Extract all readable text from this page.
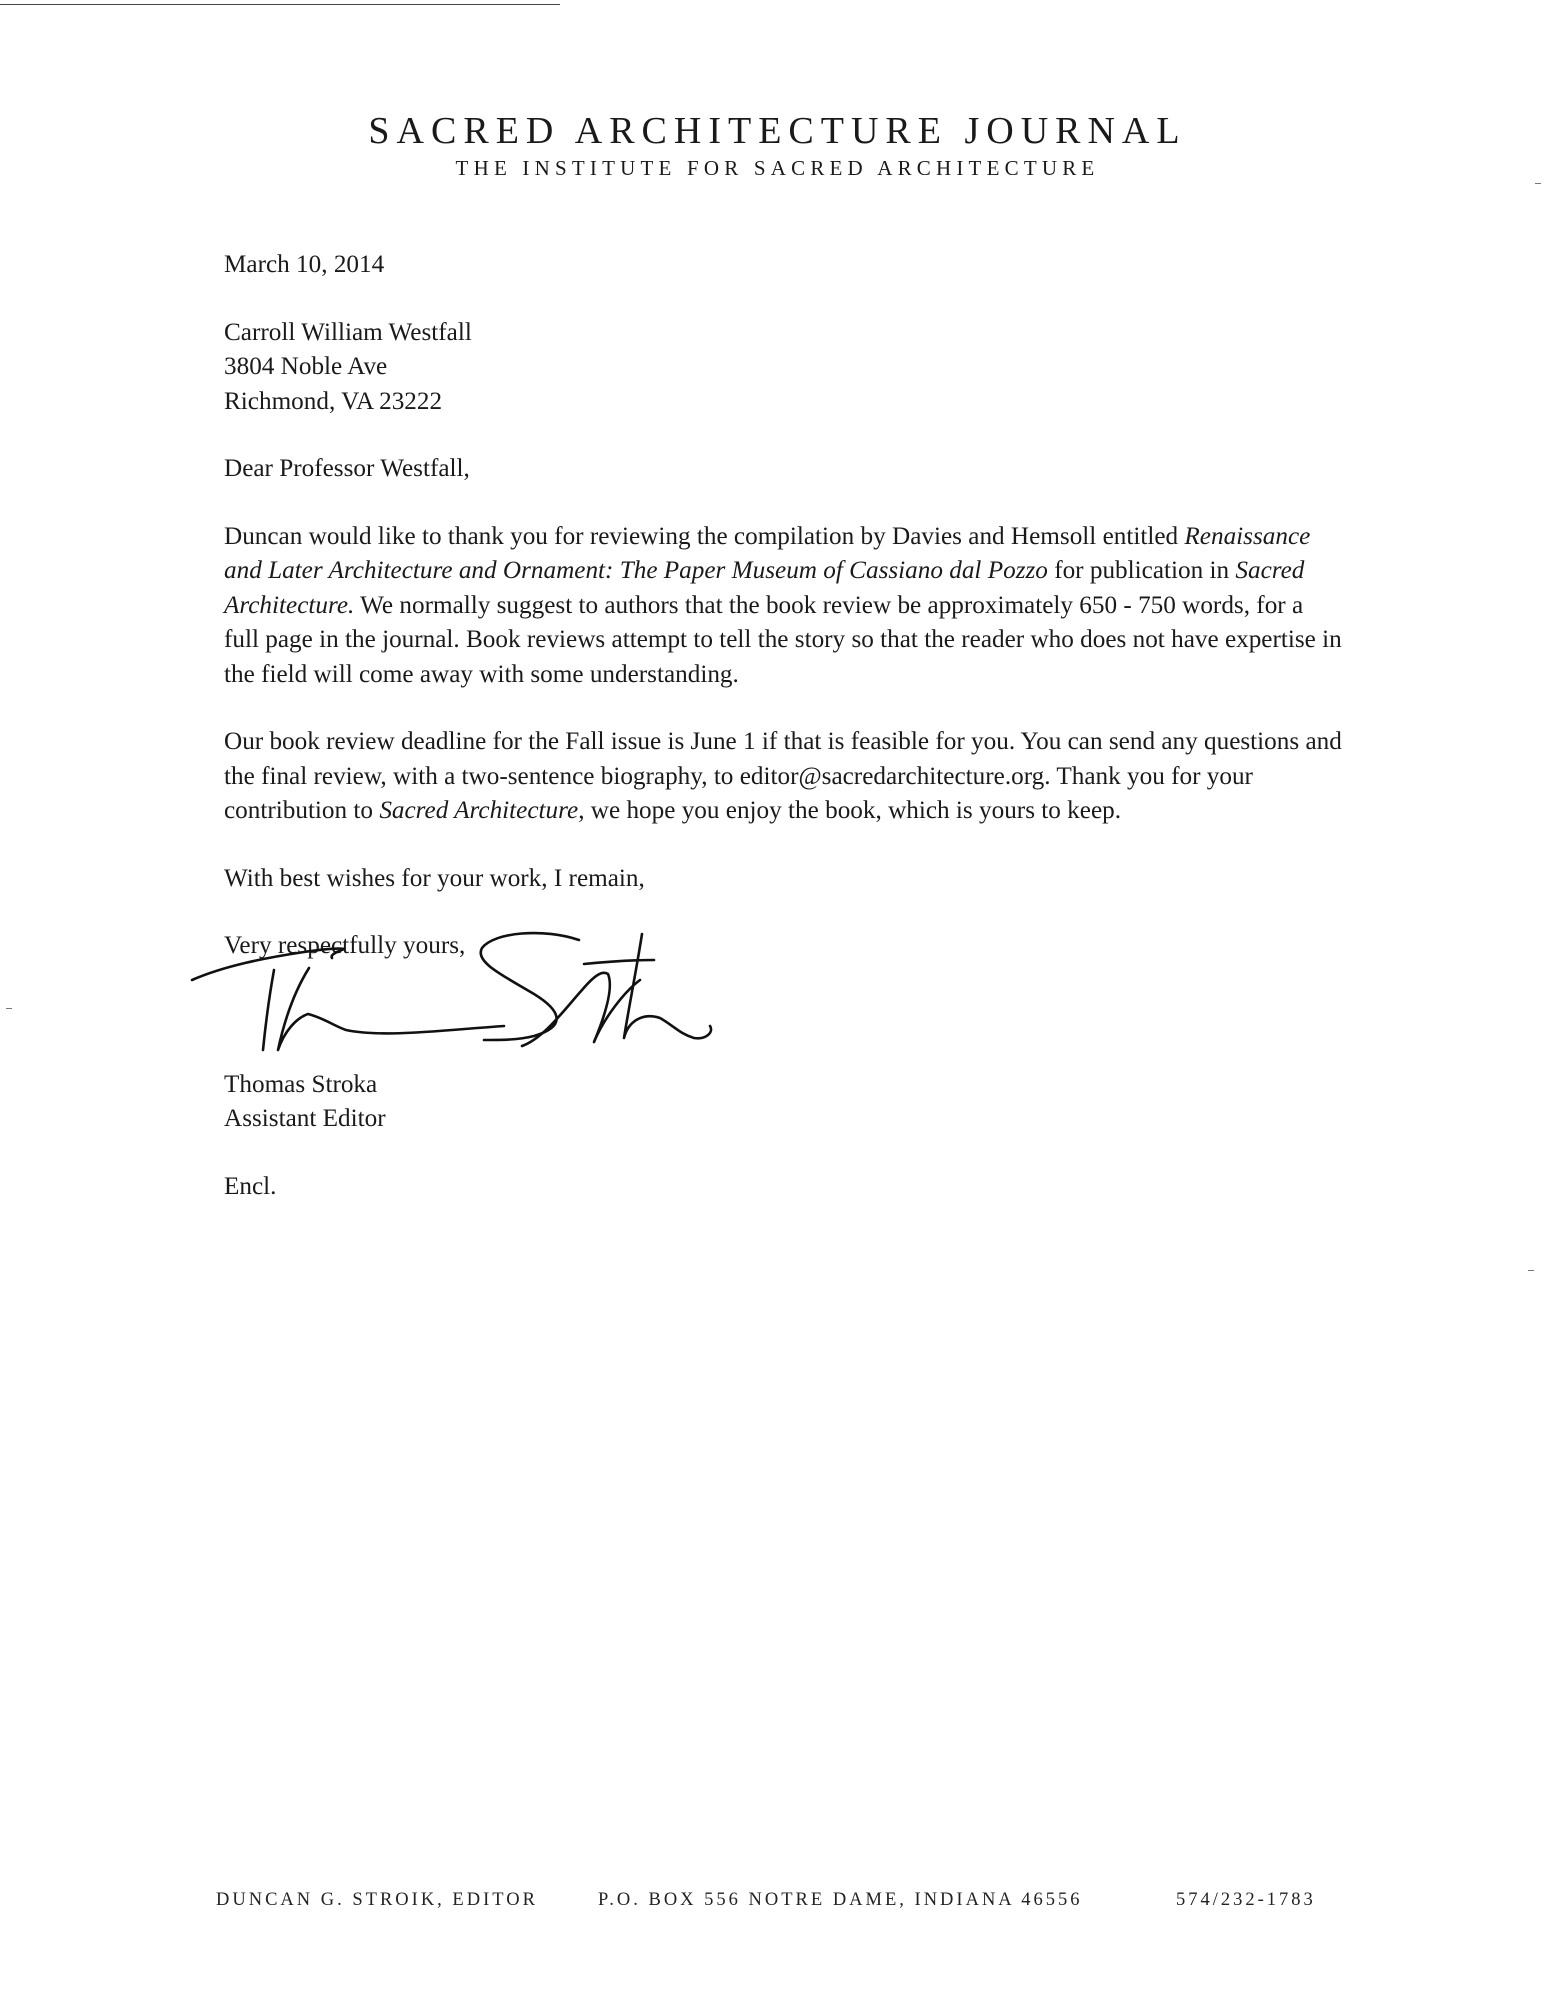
SACRED ARCHITECTURE JOURNAL
THE INSTITUTE FOR SACRED ARCHITECTURE

March 10, 2014

Carroll William Westfall
3804 Noble Ave
Richmond, VA 23222

Dear Professor Westfall,

Duncan would like to thank you for reviewing the compilation by Davies and Hemsoll entitled Renaissance and Later Architecture and Ornament: The Paper Museum of Cassiano dal Pozzo for publication in Sacred Architecture. We normally suggest to authors that the book review be approximately 650 - 750 words, for a full page in the journal. Book reviews attempt to tell the story so that the reader who does not have expertise in the field will come away with some understanding.

Our book review deadline for the Fall issue is June 1 if that is feasible for you. You can send any questions and the final review, with a two-sentence biography, to editor@sacredarchitecture.org. Thank you for your contribution to Sacred Architecture, we hope you enjoy the book, which is yours to keep.

With best wishes for your work, I remain,

Very respectfully yours,

Thomas Stroka

Assistant Editor

Encl.

DUNCAN G. STROIK, EDITOR	P.O. BOX 556 NOTRE DAME, INDIANA 46556	574/232-1783
